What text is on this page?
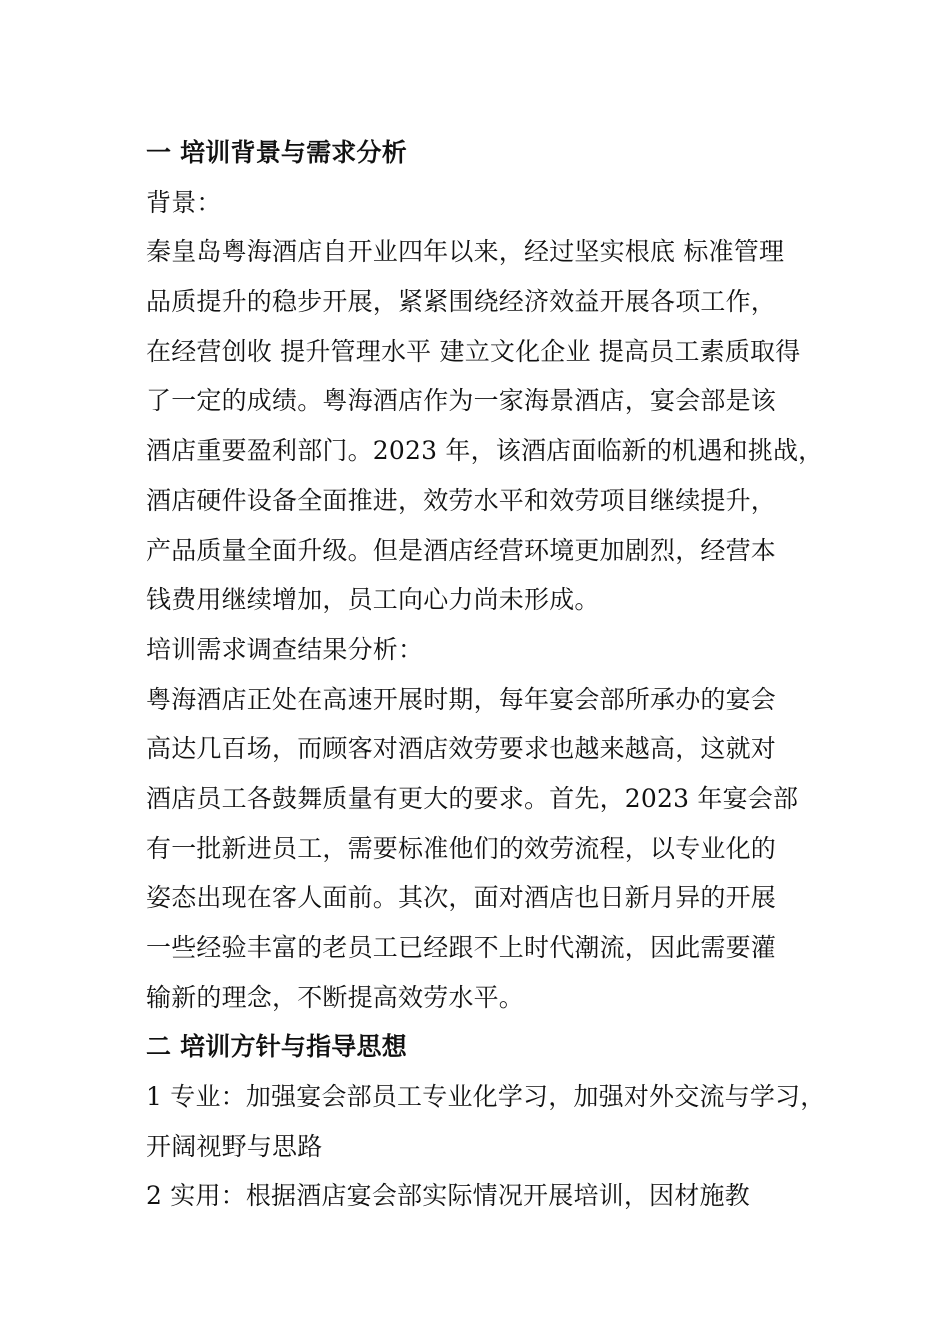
一 培训背景与需求分析
背景：
秦皇岛粤海酒店自开业四年以来，经过坚实根底 标准管理
品质提升的稳步开展，紧紧围绕经济效益开展各项工作，
在经营创收 提升管理水平 建立文化企业 提高员工素质取得
了一定的成绩。粤海酒店作为一家海景酒店，宴会部是该
酒店重要盈利部门。2023 年，该酒店面临新的机遇和挑战，
酒店硬件设备全面推进，效劳水平和效劳项目继续提升，
产品质量全面升级。但是酒店经营环境更加剧烈，经营本
钱费用继续增加，员工向心力尚未形成。
培训需求调查结果分析：
粤海酒店正处在高速开展时期，每年宴会部所承办的宴会
高达几百场，而顾客对酒店效劳要求也越来越高，这就对
酒店员工各鼓舞质量有更大的要求。首先，2023 年宴会部
有一批新进员工，需要标准他们的效劳流程，以专业化的
姿态出现在客人面前。其次，面对酒店也日新月异的开展
一些经验丰富的老员工已经跟不上时代潮流，因此需要灌
输新的理念，不断提高效劳水平。
二 培训方针与指导思想
1 专业：加强宴会部员工专业化学习，加强对外交流与学习，
开阔视野与思路
2 实用：根据酒店宴会部实际情况开展培训，因材施教
